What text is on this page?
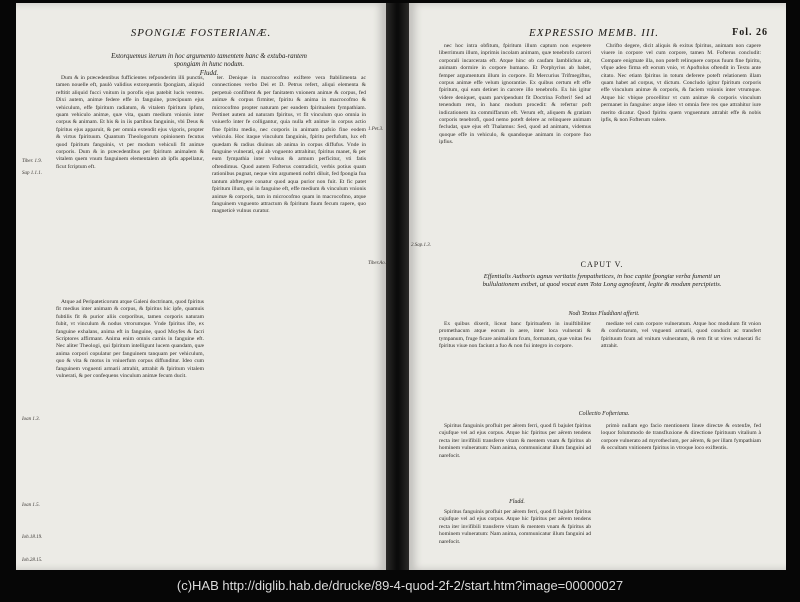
SPONGIÆ FOSTERIANÆ.
Extorquemus iterum in hoc argumento tamentem hanc & extuba-rantem spongiam in hunc nodum.
Fludd.

Dum & in præcedentibus fufficientes refponderim illi punctis, tamen nouelle eft, paulò validius extorquentis fpongiam, aliquid reftitit aliquid fucci vnitum in porofis ejus patebit lucis ventres. Dixi autem, animæ federe effe in fanguine, præcipuum ejus vehiculum, effe fpiritum radiatum, & vitalem fpiritum ipfum, quam vehiculo animæ, quæ vita, quam medium vnionis inter corpus & animam. Et his & in iis partibus fanguinis, vbi Deus & fpiritus ejus apparuit, & per omnia extendit ejus vigoris, propter & virtus fpirituum. Quantum Theologorum opinionem fecutus quod fpiritum fanguinis, vt per modum vehiculi fit animæ corporis. Dum & in præcedentibus per fpiritum animalem & vitalem quem vnum fanguinem elementalem ab ipfis appellatur, ficut fcriptum eft.

Atque ad Peripateticorum atque Galeni doctrinam, quod fpiritus fit medius inter animam & corpus, & fpiritus hic ipfe, quamuis fubtilis fit & purior aliis corporibus, tamen corporis naturam fubit, vt vinculum & nodus vtrorumque. Vnde fpiritus ifte, ex fanguine exhalans, anima eft in fanguine, quod Moyfes & facri Scriptores affirmant. Anima enim omnis carnis in fanguine eft. Nec aliter Theologi, qui fpiritum intelligunt lucem quandam, quæ anima corpori copulatur per fanguinem tanquam per vehiculum, quo & vita & motus in vniuerfum corpus diffunditur. Ideo cum fanguinem vnguenti armarii attrahit, attrahit & fpiritum vitalem vulnerati, & per confequens vinculum animæ fecum ducit.

ter. Denique in macrocofmo exiftere vera ftabilimenta ac connectiones verbo Dei et D. Petrus refert, aliqui elementa & perpetuò confiftent & per fanitatem vnionem animæ & corpus, fed animæ & corpus firmiter, fpiritu & anima in macrocofmo & microcofmo propter naturam per eandem fpiritualem fympathiam. Pertinet autem ad naturam fpiritus, vt fit vinculum quo omnia in vniuerfo inter fe colligantur, quia nulla eft animæ in corpus actio fine fpiritu medio, nec corporis in animam pafsio fine eodem vehiculo. Hoc itaque vinculum fanguinis, fpiritu perfufum, lux eft quædam & radius diuinus ab anima in corpus diffufus. Vnde in fanguine vulnerati, qui ab vnguento attrahitur, fpiritus manet, & per eum fympathia inter vulnus & armum perficitur, vti fatis oftendimus. Quod autem Fofterus contradicit, verbis potius quam rationibus pugnat, neque vim argumenti noftri diluit, fed fpongia fua tantum abftergere conatur quod aqua purior non fuit. Et fic patet fpiritum illum, qui in fanguine eft, effe medium & vinculum vnionis animæ & corporis, tam in microcofmo quam in macrocofmo, atque fanguinem vnguento attractum & fpiritum fuum fecum rapere, quo magneticè vulnus curatur.

Tiber. 1.9.
Sap 1.1.1.
1.Pet.3.
Tiber.Ao.
Ioan 1.3.
Ioan 1.5.
Ioh.18.19.
Ioh.28.15.
EXPRESSIO MEMB. III.	Fol. 26

nec hoc intra obfitum, fpiritum illum captum non expetere liberrimum illum, inprimis incolam animam, quæ tenebrofo carceri corporali incarcerata eft. Atque hinc ob caufam Iamblichus ait, animam dormire in corpore humano. Et Porphyrius ab habet, femper argumentum illum in corpore. Et Mercurius Trifmegiftus, corpus animæ effe velum ignorantiæ. Ex quibus certum eft effe fpiritum, qui eam detinet in carcere illo tenebrofo. Ex his igitur videre deniquet, quam parvipendunt fit Doctrina Fofteri! Sed ad tenendum rem, in hanc modum procedit: & refertur poft indicationem ita commiffarum eft. Verum eft, aliquem & gratiam corporis tenebrofi, quod nemo poteft delere ac relinquere animam fecludat, quæ ejus eft Thalamus: Sed, quod ad animam, videmus quoque effe in vehiculo, & quandoque animam in corpore fuo ipfius.

Chrifto degere, dicit aliquis & exitus fpiritus, animam non capere viuere in corpore vel cum corpore, tamen M. Fofterus concludit: Compare enigmate illa, non poteft relinquere corpus fuum fine fpiritu, vfque adeo firma eft eorum vnio, vt Apoftolus oftendit in Textu ante citato. Nec etiam fpiritus in totum deferere poteft relationem illam quam habet ad corpus, vt dictum. Concludo igitur fpiritum corporis effe vinculum animæ & corporis, & faciem vnionis inter vtrumque. Atque hic vbique procellitur vt cum animæ & corporis vinculum permanet in fanguine: atque ideo vt omnia fere res que attrahitur iure merito dicatur. Quod fpiritu quem vnguentum attrahit effe & nobis ipfis, & non Fofterum valere.

CAPUT V.
Effentialis Authoris agnus veritatis fympathetices, in hoc capite fpongiæ verba fumenti un bullulationem exibet, ut quod vocat eum Tota Long agnofeunt, legite & modum percipietis.
Nodi Textus Fluddiani afferit.

Ex quibus dixerit, liceat banc fpirituafem in inuiftibiliter promethacum atque eorum in aere, inter loca vulnerati & tympanum, fruge ficare animalium fcum, formatum, quæ vnitas feu fpiritus viuæ non faciunt a fuo & non fui integro in corpore.

mediate vel cum corpore vulneratum. Atque hoc modulum fit vnion & confortarum, vel vnguenti armarii, quod conducit ac transfert fpirituum fcum ad vnitum vulneratum, & rem fit ut vires vulnerati fic attrahit.

Collectio Fofteriana.

Spiritus fanguinis profluit per aërem ferri, quod fi bajulet fpiritus cujufque vel ad ejus corpus. Atque hic fpiritus per aërem tendens recta iter invifibili transferre vitam & mentem vnam & fpiritus ab hominem vulneratum: Nam anima, communicatur illum fanguini ad narefocit.

Fludd.

Spiritus fanguinis profluit per aërem ferri, quod fi bajulet fpiritus cujufque vel ad ejus corpus. Atque hic fpiritus per aërem tendens recta iter invifibili transferre vitam & mentem vnam & fpiritus ab hominem vulneratum: Nam anima, communicatur illum fanguini ad narefocit.

primò nullam ego facio mentionem lineæ directæ & extenfæ, fed loquor folummodo de transfluxione & directione fpirituum vitalium à corpore vulnerato ad myrothecium, per aërem, & per illam fympathiam & occultam vnitionem fpiritus in vtroque loco exiftentis.

2.Sap.1.3.
(c)HAB http://diglib.hab.de/drucke/89-4-quod-2f-2/start.htm?image=00000027
